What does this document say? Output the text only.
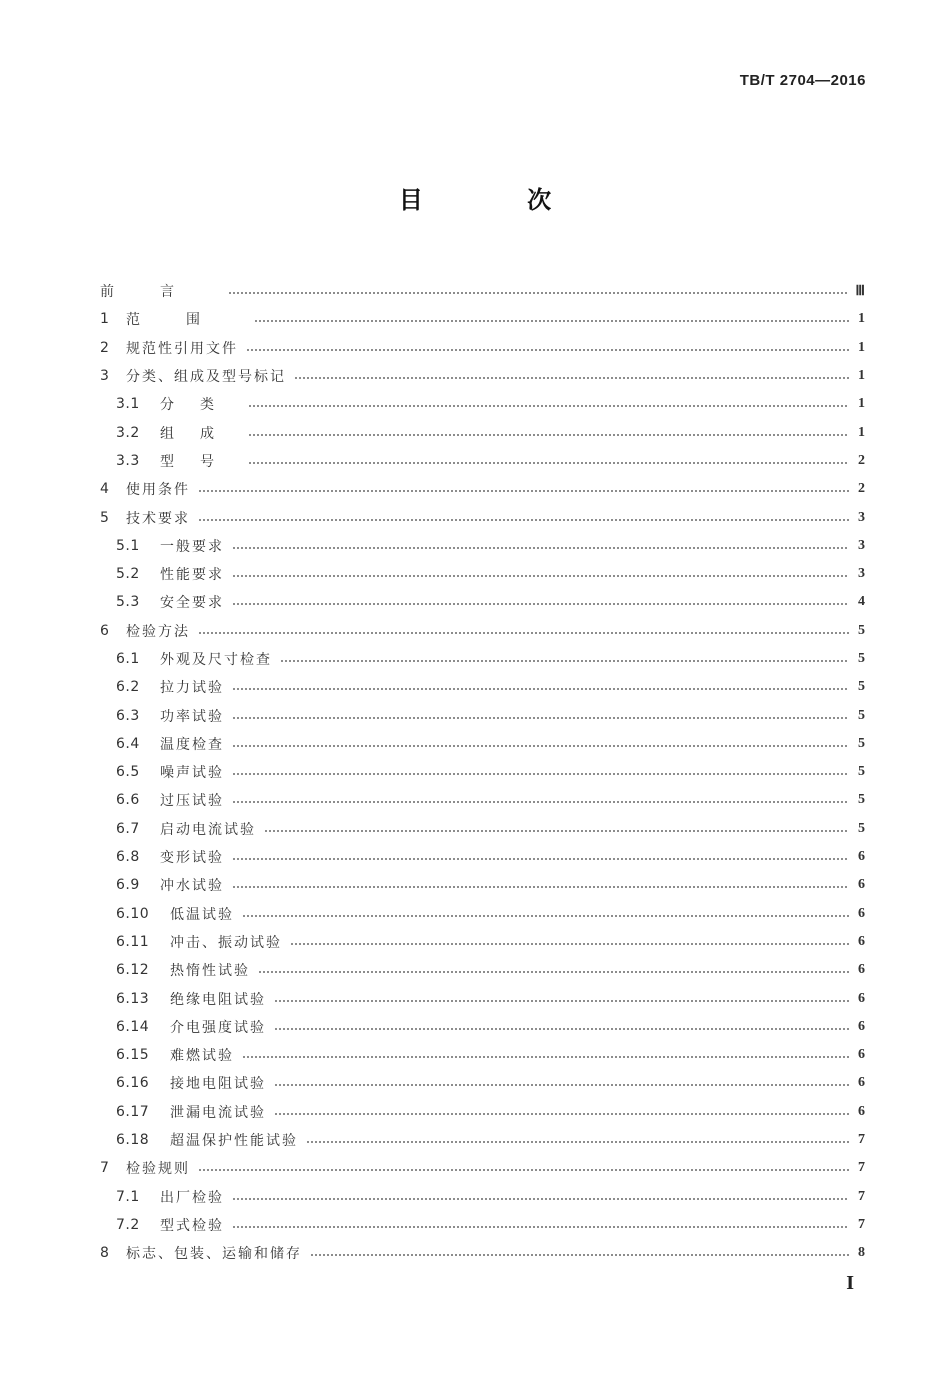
TB/T 2704—2016
目 次
前言	Ⅲ
1	范围	1
2	规范性引用文件	1
3	分类、组成及型号标记	1
3.1	分类	1
3.2	组成	1
3.3	型号	2
4	使用条件	2
5	技术要求	3
5.1	一般要求	3
5.2	性能要求	3
5.3	安全要求	4
6	检验方法	5
6.1	外观及尺寸检查	5
6.2	拉力试验	5
6.3	功率试验	5
6.4	温度检查	5
6.5	噪声试验	5
6.6	过压试验	5
6.7	启动电流试验	5
6.8	变形试验	6
6.9	冲水试验	6
6.10	低温试验	6
6.11	冲击、振动试验	6
6.12	热惰性试验	6
6.13	绝缘电阻试验	6
6.14	介电强度试验	6
6.15	难燃试验	6
6.16	接地电阻试验	6
6.17	泄漏电流试验	6
6.18	超温保护性能试验	7
7	检验规则	7
7.1	出厂检验	7
7.2	型式检验	7
8	标志、包装、运输和储存	8
I
